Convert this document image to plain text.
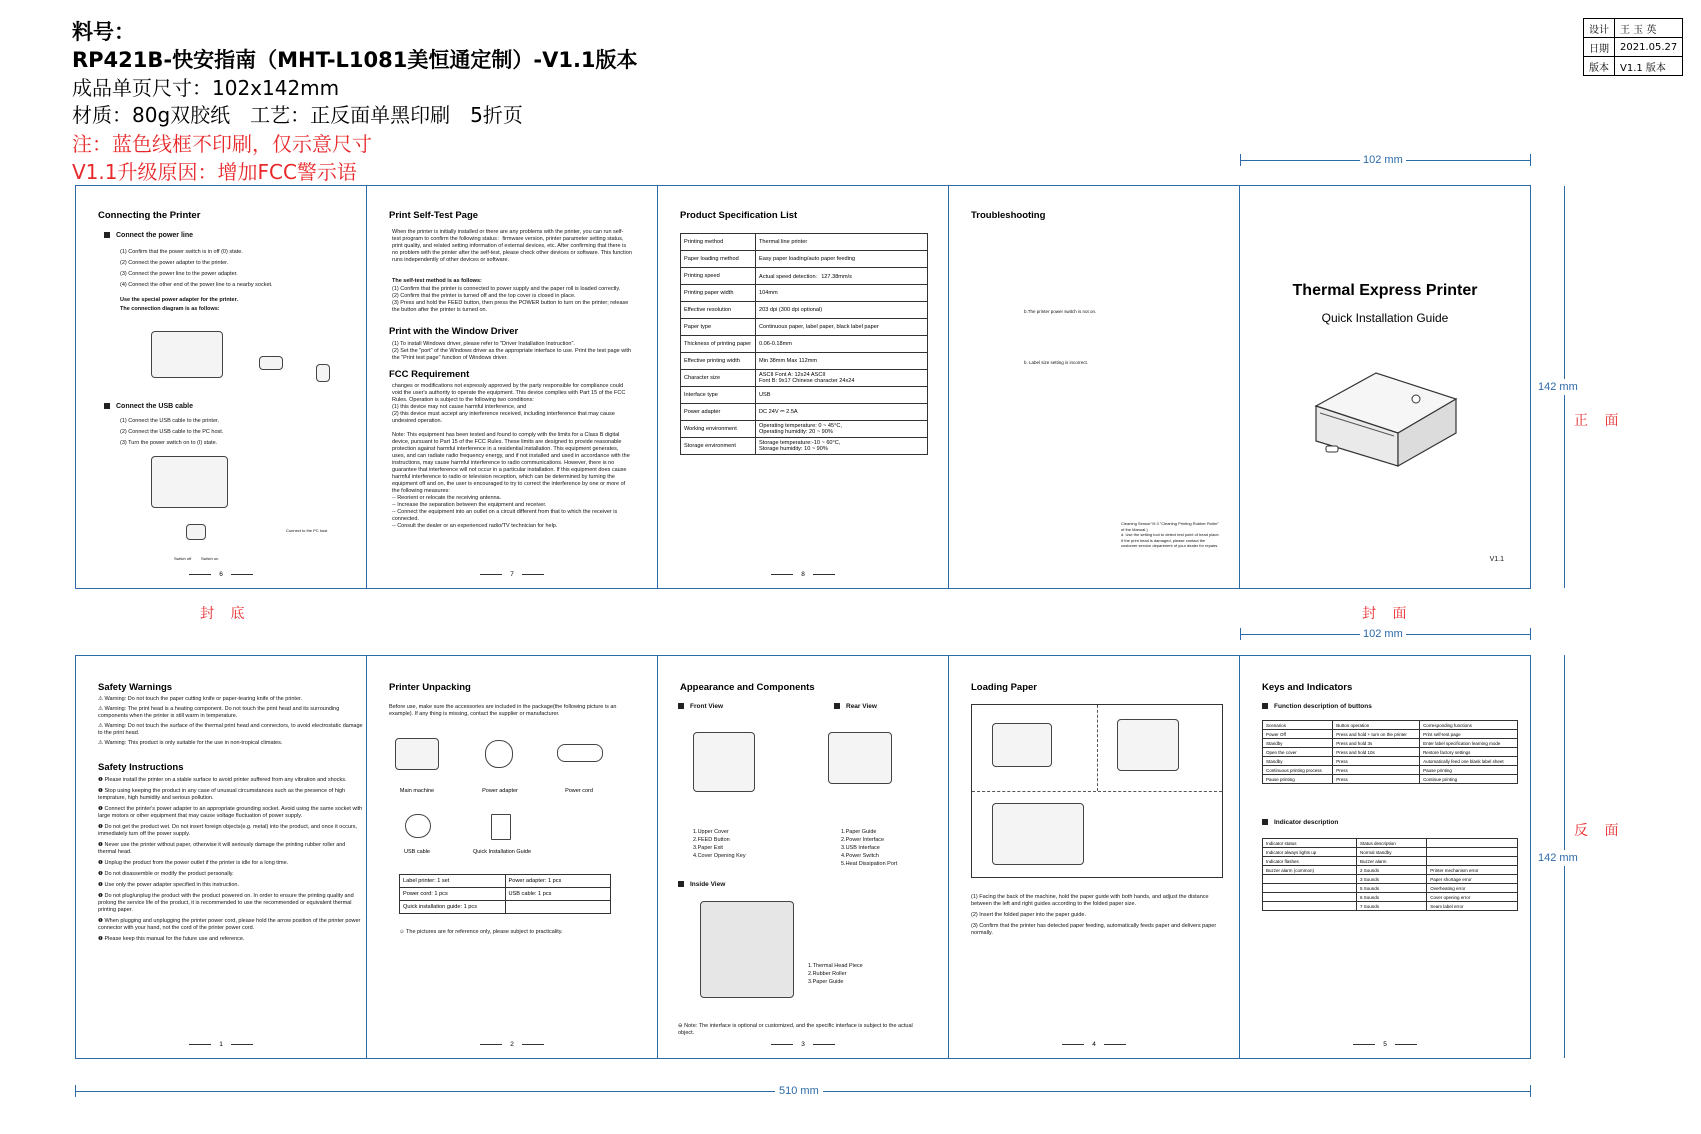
料号：
RP421B-快安指南（MHT-L1081美恒通定制）-V1.1版本
成品单页尺寸：102x142mm
材质：80g双胶纸　工艺：正反面单黑印刷　5折页
注：蓝色线框不印刷，仅示意尺寸
V1.1升级原因：增加FCC警示语
设计	王 玉 英
日期	2021.05.27
版本	V1.1 版本
102 mm
142 mm
正 面
封 底	封 面
102 mm
142 mm
反 面
510 mm
Connecting the Printer
Connect the power line
(1) Confirm that the power switch is in off (0) state.
(2) Connect the power adapter to the printer.
(3) Connect the power line to the power adapter.
(4) Connect the other end of the power line to a nearby socket.
Use the special power adapter for the printer.
The connection diagram is as follows:
Connect the USB cable
(1) Connect the USB cable to the printer.
(2) Connect the USB cable to the PC host.
(3) Turn the power switch on to (I) state.
Connect to the PC host
Switch off Switch on
6
Print Self-Test Page
When the printer is initially installed or there are any problems with the printer, you can run self-test program to confirm the following status：firmware version, printer parameter setting status, print quality, and related setting information of external devices, etc. After confirming that there is no problem with the printer after the self-test, please check other devices or software. This function runs independently of other devices or software.
The self-test method is as follows:
(1) Confirm that the printer is connected to power supply and the paper roll is loaded correctly.
(2) Confirm that the printer is turned off and the top cover is closed in place.
(3) Press and hold the FEED button, then press the POWER button to turn on the printer; release the button after the printer is turned on.
Print with the Window Driver
(1) To install Windows driver, please refer to "Driver Installation Instruction".
(2) Set the "port" of the Windows driver as the appropriate interface to use. Print the test page with the "Print test page" function of Windows driver.
FCC Requirement
changes or modifications not expressly approved by the party responsible for compliance could void the user's authority to operate the equipment. This device complies with Part 15 of the FCC Rules. Operation is subject to the following two conditions:
(1) this device may not cause harmful interference, and
(2) this device must accept any interference received, including interference that may cause undesired operation.

Note: This equipment has been tested and found to comply with the limits for a Class B digital device, pursuant to Part 15 of the FCC Rules. These limits are designed to provide reasonable protection against harmful interference in a residential installation. This equipment generates, uses, and can radiate radio frequency energy, and if not installed and used in accordance with the instructions, may cause harmful interference to radio communications. However, there is no guarantee that interference will not occur in a particular installation. If this equipment does cause harmful interference to radio or television reception, which can be determined by turning the equipment off and on, the user is encouraged to try to correct the interference by one or more of the following measures:
-- Reorient or relocate the receiving antenna.
-- Increase the separation between the equipment and receiver.
-- Connect the equipment into an outlet on a circuit different from that to which the receiver is connected.
-- Consult the dealer or an experienced radio/TV technician for help.
7
Product Specification List
Printing method	Thermal line printer
Paper loading method	Easy paper loading/auto paper feeding
Printing speed	Actual speed detection：127.38mm/s
Printing paper width	104mm
Effective resolution	203 dpi (300 dpi optional)
Paper type	Continuous paper, label paper, black label paper
Thickness of printing paper	0.06-0.18mm
Effective printing width	Min 38mm Max 112mm
Character size	ASCII Font A: 12x24 ASCII
Font B: 9x17 Chinese character 24x24
Interface type	USB
Power adapter	DC 24V ⎓ 2.5A
Working environment	Operating temperature: 0 ~ 45°C,
Operating humidity: 20 ~ 90%
Storage environment	Storage temperature:-10 ~ 60°C,
Storage humidity: 10 ~ 90%
8
Troubleshooting
b.The printer power switch is not on.
b. Label size setting is incorrect.
Cleaning Sensor"/9.3 "Cleaning Printing Rubber Roller" of the Manual.)
d. Use the setting tool to detect test point of head place. If the print head is damaged, please contact the customer service department of your dealer for repairs.
Thermal Express Printer
Quick Installation Guide
V1.1
Safety Warnings
⚠ Warning: Do not touch the paper cutting knife or paper-tearing knife of the printer.
⚠ Warning: The print head is a heating component. Do not touch the print head and its surrounding components when the printer is still warm in temperature.
⚠ Warning: Do not touch the surface of the thermal print head and connectors, to avoid electrostatic damage to the print head.
⚠ Warning: This product is only suitable for the use in non-tropical climates.
Safety Instructions
❶ Please install the printer on a stable surface to avoid printer suffered from any vibration and shocks.
❶ Stop using keeping the product in any case of unusual circumstances such as the presence of high temprature, high humidity and serious pollution.
❶ Connect the printer's power adapter to an appropriate grounding socket. Avoid using the same socket with large motors or other equipment that may cause voltage fluctuation of power supply.
❶ Do not get the product wet. Do not insert foreign objects(e.g. metal) into the product, and once it occurs, immediately turn off the power supply.
❶ Never use the printer without paper, otherwise it will seriously damage the printing rubber roller and thermal head.
❶ Unplug the product from the power outlet if the printer is idle for a long time.
❶ Do not disassemble or modify the product personally.
❶ Use only the power adapter specified in this instruction.
❶ Do not plug/unplug the product with the product powered on. In order to ensure the printing quality and prolong the service life of the product, it is recommended to use the recommended or equivalent thermal printing paper.
❶ When plugging and unplugging the printer power cord, please hold the arrow position of the printer power connector with your hand, not the cord of the printer power cord.
❶ Please keep this manual for the future use and reference.
1
Printer Unpacking
Before use, make sure the accessories are included in the package(the following picture is an example). If any thing is missing, contact the supplier or manufacturer.
Main machine	Power adapter	Power cord
USB cable	Quick Installation Guide
Label printer: 1 set	Power adapter: 1 pcs
Power cord: 1 pcs	USB cable: 1 pcs
Quick installation guide: 1 pcs	
☺ The pictures are for reference only, please subject to practicality.
2
Appearance and Components
Front View	Rear View
1.Upper Cover
2.FEED Button
3.Paper Exit
4.Cover Opening Key
1.Paper Guide
2.Power Interface
3.USB Interface
4.Power Switch
5.Heat Dissipation Port
Inside View
1.Thermal Head Piece
2.Rubber Roller
3.Paper Guide
⊖ Note: The interface is optional or customized, and the specific interface is subject to the actual object.
3
Loading Paper
(1) Facing the back of the machine, hold the paper guide with both hands, and adjust the distance between the left and right guides according to the folded paper size.
(2) Insert the folded paper into the paper guide.
(3) Confirm that the printer has detected paper feeding, automatically feeds paper and delivers paper normally.
4
Keys and Indicators
Function description of buttons
Scenarios	Button operation	Corresponding functions
Power Off	Press and hold + turn on the printer	Print self-test page
Standby	Press and hold 3s	Enter label specification learning mode
Open the cover	Press and hold 10s	Restore factory settings
Standby	Press	Automatically feed one blank label sheet
Continuous printing process	Press	Pause printing
Pause printing	Press	Continue printing
Indicator description
Indicator status	Status description	
Indicator always lights up	Normal standby	
Indicator flashes	Buzzer alarm	
Buzzer alarm (common)	2 Sounds	Printer mechanism error
	3 Sounds	Paper shortage error
	5 Sounds	Overheating error
	6 Sounds	Cover opening error
	7 Sounds	Seam label error
5
